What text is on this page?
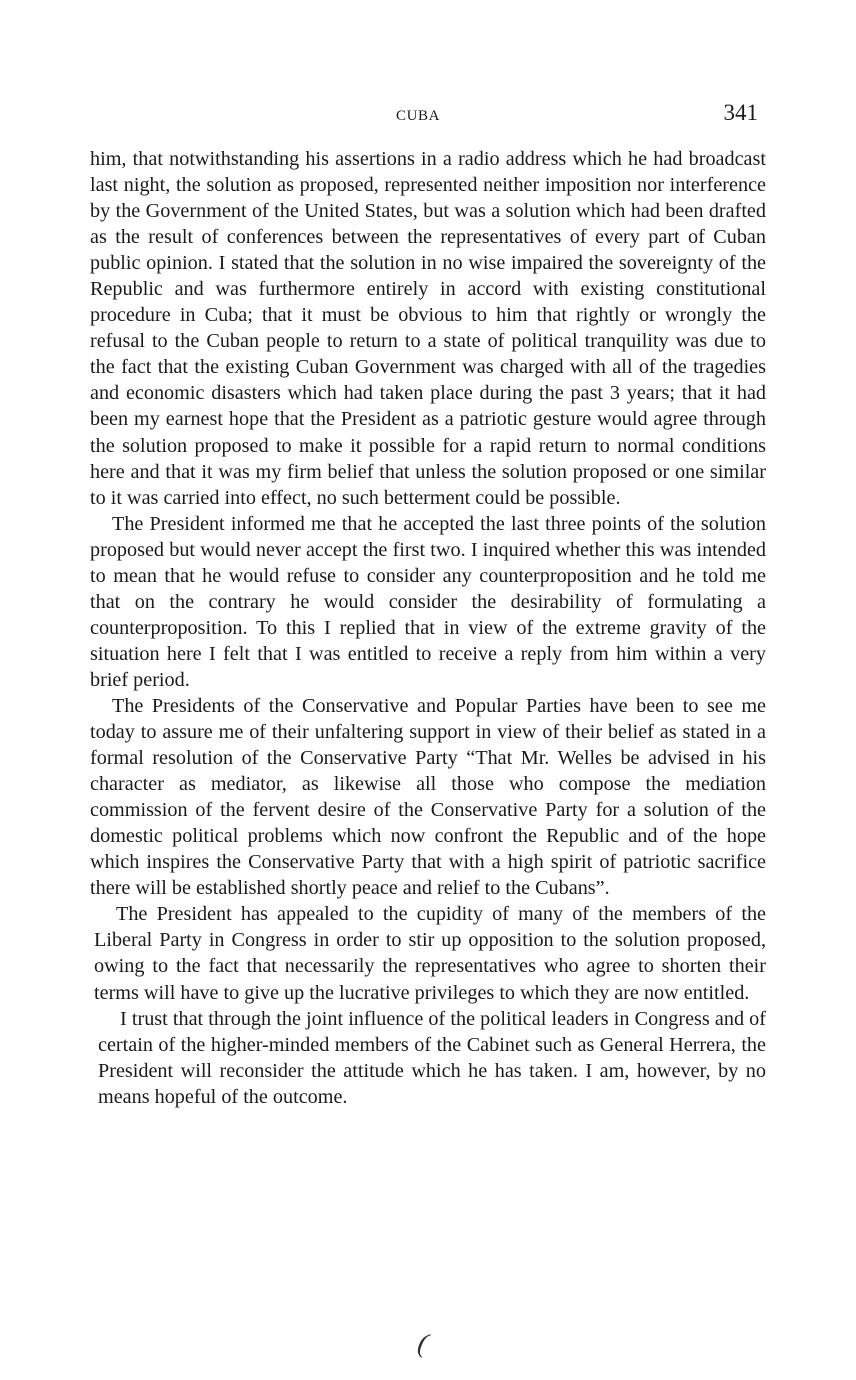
CUBA	341

him, that notwithstanding his assertions in a radio address which he had broadcast last night, the solution as proposed, represented neither imposition nor interference by the Government of the United States, but was a solution which had been drafted as the result of conferences between the representatives of every part of Cuban public opinion. I stated that the solution in no wise impaired the sovereignty of the Republic and was furthermore entirely in accord with existing constitutional procedure in Cuba; that it must be obvious to him that rightly or wrongly the refusal to the Cuban people to return to a state of political tranquility was due to the fact that the existing Cuban Government was charged with all of the tragedies and economic disasters which had taken place during the past 3 years; that it had been my earnest hope that the President as a patriotic gesture would agree through the solution proposed to make it possible for a rapid return to normal conditions here and that it was my firm belief that unless the solution proposed or one similar to it was carried into effect, no such betterment could be possible.

The President informed me that he accepted the last three points of the solution proposed but would never accept the first two. I inquired whether this was intended to mean that he would refuse to consider any counterproposition and he told me that on the contrary he would consider the desirability of formulating a counterproposition. To this I replied that in view of the extreme gravity of the situation here I felt that I was entitled to receive a reply from him within a very brief period.

The Presidents of the Conservative and Popular Parties have been to see me today to assure me of their unfaltering support in view of their belief as stated in a formal resolution of the Conservative Party “That Mr. Welles be advised in his character as mediator, as likewise all those who compose the mediation commission of the fervent desire of the Conservative Party for a solution of the domestic political problems which now confront the Republic and of the hope which inspires the Conservative Party that with a high spirit of patriotic sacrifice there will be established shortly peace and relief to the Cubans”.

The President has appealed to the cupidity of many of the members of the Liberal Party in Congress in order to stir up opposition to the solution proposed, owing to the fact that necessarily the representatives who agree to shorten their terms will have to give up the lucrative privileges to which they are now entitled.

I trust that through the joint influence of the political leaders in Congress and of certain of the higher-minded members of the Cabinet such as General Herrera, the President will reconsider the attitude which he has taken. I am, however, by no means hopeful of the outcome.

(
